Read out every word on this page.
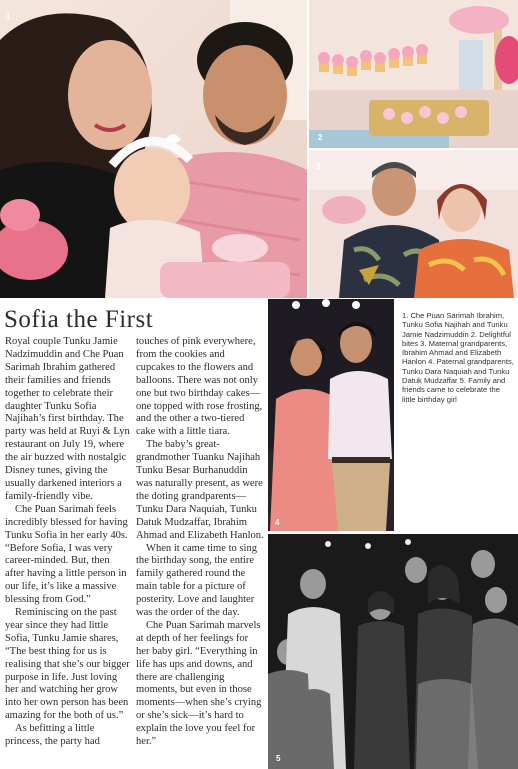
1
2
3
4
5
Sofia the First

Royal couple Tunku Jamie Nadzimuddin and Che Puan Sarimah Ibrahim gathered their families and friends together to celebrate their daughter Tunku Sofia Najihah’s first birthday. The party was held at Ruyi & Lyn restaurant on July 19, where the air buzzed with nostalgic Disney tunes, giving the usually darkened interiors a family-friendly vibe.

Che Puan Sarimah feels incredibly blessed for having Tunku Sofia in her early 40s. “Before Sofia, I was very career-minded. But, then after having a little person in our life, it’s like a massive blessing from God.”

Reminiscing on the past year since they had little Sofia, Tunku Jamie shares, “The best thing for us is realising that she’s our bigger purpose in life. Just loving her and watching her grow into her own person has been amazing for the both of us.”

As befitting a little princess, the party had

touches of pink everywhere, from the cookies and cupcakes to the flowers and balloons. There was not only one but two birthday cakes—one topped with rose frosting, and the other a two-tiered cake with a little tiara.

The baby’s great-grandmother Tuanku Najihah Tunku Besar Burhanuddin was naturally present, as were the doting grandparents—Tunku Dara Naquiah, Tunku Datuk Mudzaffar, Ibrahim Ahmad and Elizabeth Hanlon.

When it came time to sing the birthday song, the entire family gathered round the main table for a picture of posterity. Love and laughter was the order of the day.

Che Puan Sarimah marvels at depth of her feelings for her baby girl. “Everything in life has ups and downs, and there are challenging moments, but even in those moments—when she’s crying or she’s sick—it’s hard to explain the love you feel for her.”

1. Che Puan Sarimah Ibrahim, Tunku Sofia Najihah and Tunku Jamie Nadzimuddin 2. Delightful bites 3. Maternal grandparents, Ibrahim Ahmad and Elizabeth Hanlon 4. Paternal grandparents, Tunku Dara Naquiah and Tunku Datuk Mudzaffar 5. Family and friends came to celebrate the little birthday girl
